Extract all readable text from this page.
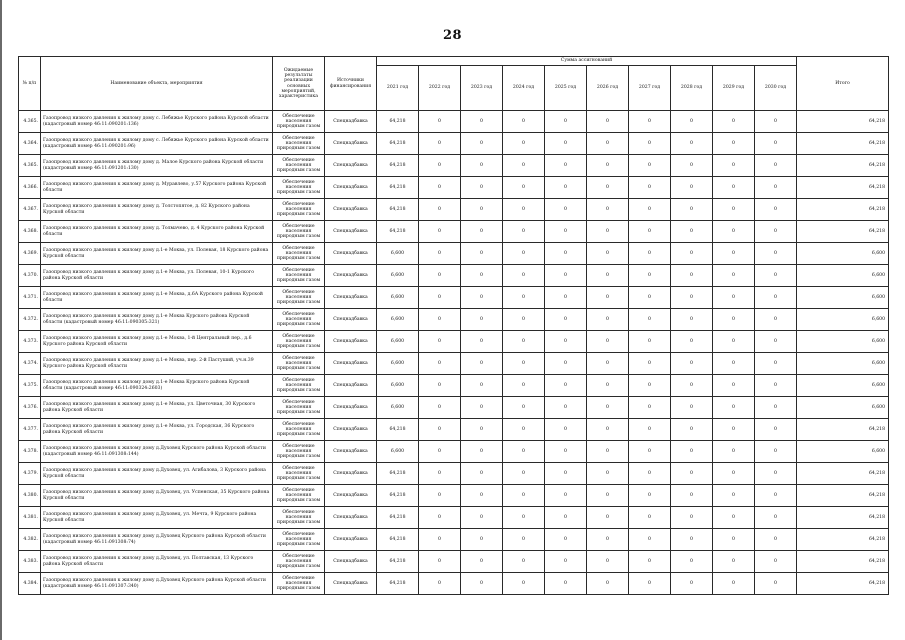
28
№ п/п	Наименование объекта, мероприятия	Ожидаемые результаты реализации основных мероприятий, характеристика	Источники финансирования	Сумма ассигнований										Итого
				2021 год	2022 год	2023 год	2024 год	2025 год	2026 год	2027 год	2028 год	2029 год	2030 год	
4.365.	Газопровод низкого давления к жилому дому с. Лебяжье Курского района Курской области (кадастровый номер 46:11:090201:136)	Обеспечение населения природным газом	Спецнадбавка	64,218	0	0	0	0	0	0	0	0	0	64,218
4.364.	Газопровод низкого давления к жилому дому с. Лебяжье Курского района Курской области (кадастровый номер 46:11:090201:96)	Обеспечение населения природным газом	Спецнадбавка	64,218	0	0	0	0	0	0	0	0	0	64,218
4.365.	Газопровод низкого давления к жилому дому д. Малое Курского района Курской области (кадастровый номер 46:11:091201:130)	Обеспечение населения природным газом	Спецнадбавка	64,218	0	0	0	0	0	0	0	0	0	64,218
4.366.	Газопровод низкого давления к жилому дому д. Муравлево, у.57 Курского района Курской области	Обеспечение населения природным газом	Спецнадбавка	64,218	0	0	0	0	0	0	0	0	0	64,218
4.367.	Газопровод низкого давления к жилому дому д. Толстопятое, д. 82 Курского района Курской области	Обеспечение населения природным газом	Спецнадбавка	64,218	0	0	0	0	0	0	0	0	0	64,218
4.368.	Газопровод низкого давления к жилому дому д. Толмачево, д. 4 Курского района Курской области	Обеспечение населения природным газом	Спецнадбавка	64,218	0	0	0	0	0	0	0	0	0	64,218
4.369.	Газопровод низкого давления к жилому дому д.1-е Моква, ул. Полевая, 18 Курского района Курской области	Обеспечение населения природным газом	Спецнадбавка	6,600	0	0	0	0	0	0	0	0	0	6,600
4.370.	Газопровод низкого давления к жилому дому д.1-е Моква, ул. Полевая, 10-1 Курского района Курской области	Обеспечение населения природным газом	Спецнадбавка	6,600	0	0	0	0	0	0	0	0	0	6,600
4.371.	Газопровод низкого давления к жилому дому д.1-е Моква, д.6А Курского района Курской области	Обеспечение населения природным газом	Спецнадбавка	6,600	0	0	0	0	0	0	0	0	0	6,600
4.372.	Газопровод низкого давления к жилому дому д.1-е Моква Курского района Курской области (кадастровый номер 46:11:090305:321)	Обеспечение населения природным газом	Спецнадбавка	6,600	0	0	0	0	0	0	0	0	0	6,600
4.373.	Газопровод низкого давления к жилому дому д.1-е Моква, 1-й Центральный пер., д.6 Курского района Курской области	Обеспечение населения природным газом	Спецнадбавка	6,600	0	0	0	0	0	0	0	0	0	6,600
4.374.	Газопровод низкого давления к жилому дому д.1-е Моква, пер. 2-й Пастуший, уч.н.39 Курского района Курской области	Обеспечение населения природным газом	Спецнадбавка	6,600	0	0	0	0	0	0	0	0	0	6,600
4.375.	Газопровод низкого давления к жилому дому д.1-е Моква Курского района Курской области (кадастровый номер 46:11:090324:2603)	Обеспечение населения природным газом	Спецнадбавка	6,600	0	0	0	0	0	0	0	0	0	6,600
4.376.	Газопровод низкого давления к жилому дому д.1-е Моква, ул. Цветочная, 30 Курского района Курской области	Обеспечение населения природным газом	Спецнадбавка	6,600	0	0	0	0	0	0	0	0	0	6,600
4.377.	Газопровод низкого давления к жилому дому д.1-е Моква, ул. Городская, 36 Курского района Курской области	Обеспечение населения природным газом	Спецнадбавка	64,218	0	0	0	0	0	0	0	0	0	64,218
4.378.	Газопровод низкого давления к жилому дому д.Духовец Курского района Курской области (кадастровый номер 46:11:091308:144)	Обеспечение населения природным газом	Спецнадбавка	6,600	0	0	0	0	0	0	0	0	0	6,600
4.379.	Газопровод низкого давления к жилому дому д.Духовец, ул. Агибалова, 3 Курского района Курской области	Обеспечение населения природным газом	Спецнадбавка	64,218	0	0	0	0	0	0	0	0	0	64,218
4.380.	Газопровод низкого давления к жилому дому д.Духовец, ул. Успенская, 35 Курского района Курской области	Обеспечение населения природным газом	Спецнадбавка	64,218	0	0	0	0	0	0	0	0	0	64,218
4.381.	Газопровод низкого давления к жилому дому д.Духовец, ул. Мечта, 9 Курского района Курской области	Обеспечение населения природным газом	Спецнадбавка	64,218	0	0	0	0	0	0	0	0	0	64,218
4.382.	Газопровод низкого давления к жилому дому д.Духовец Курского района Курской области (кадастровый номер 46:11:091308:74)	Обеспечение населения природным газом	Спецнадбавка	64,218	0	0	0	0	0	0	0	0	0	64,218
4.383.	Газопровод низкого давления к жилому дому д.Духовец, ул. Полтавская, 13 Курского района Курской области	Обеспечение населения природным газом	Спецнадбавка	64,218	0	0	0	0	0	0	0	0	0	64,218
4.384.	Газопровод низкого давления к жилому дому д.Духовец Курского района Курской области (кадастровый номер 46:11:091307:340)	Обеспечение населения природным газом	Спецнадбавка	64,218	0	0	0	0	0	0	0	0	0	64,218
